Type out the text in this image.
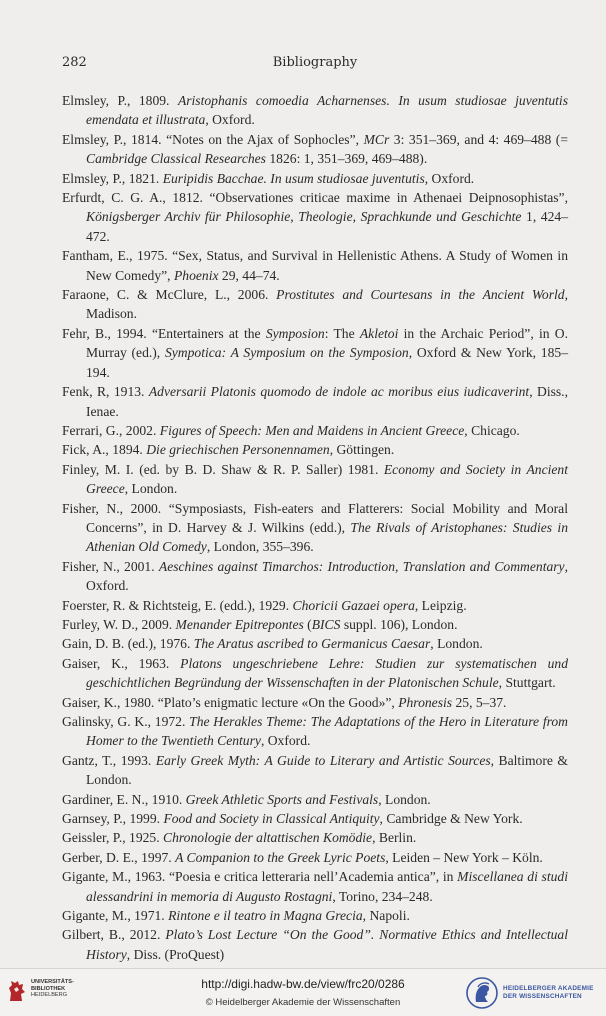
282	Bibliography

Elmsley, P., 1809. Aristophanis comoedia Acharnenses. In usum studiosae juventutis emendata et illustrata, Oxford.

Elmsley, P., 1814. “Notes on the Ajax of Sophocles”, MCr 3: 351–369, and 4: 469–488 (= Cambridge Classical Researches 1826: 1, 351–369, 469–488).

Elmsley, P., 1821. Euripidis Bacchae. In usum studiosae juventutis, Oxford.

Erfurdt, C. G. A., 1812. “Observationes criticae maxime in Athenaei Deipnosophistas”, Königsberger Archiv für Philosophie, Theologie, Sprachkunde und Geschichte 1, 424–472.

Fantham, E., 1975. “Sex, Status, and Survival in Hellenistic Athens. A Study of Women in New Comedy”, Phoenix 29, 44–74.

Faraone, C. & McClure, L., 2006. Prostitutes and Courtesans in the Ancient World, Madison.

Fehr, B., 1994. “Entertainers at the Symposion: The Akletoi in the Archaic Period”, in O. Murray (ed.), Sympotica: A Symposium on the Symposion, Oxford & New York, 185–194.

Fenk, R, 1913. Adversarii Platonis quomodo de indole ac moribus eius iudicaverint, Diss., Ienae.

Ferrari, G., 2002. Figures of Speech: Men and Maidens in Ancient Greece, Chicago.

Fick, A., 1894. Die griechischen Personennamen, Göttingen.

Finley, M. I. (ed. by B. D. Shaw & R. P. Saller) 1981. Economy and Society in Ancient Greece, London.

Fisher, N., 2000. “Symposiasts, Fish-eaters and Flatterers: Social Mobility and Moral Concerns”, in D. Harvey & J. Wilkins (edd.), The Rivals of Aristophanes: Studies in Athenian Old Comedy, London, 355–396.

Fisher, N., 2001. Aeschines against Timarchos: Introduction, Translation and Commentary, Oxford.

Foerster, R. & Richtsteig, E. (edd.), 1929. Choricii Gazaei opera, Leipzig.

Furley, W. D., 2009. Menander Epitrepontes (BICS suppl. 106), London.

Gain, D. B. (ed.), 1976. The Aratus ascribed to Germanicus Caesar, London.

Gaiser, K., 1963. Platons ungeschriebene Lehre: Studien zur systematischen und geschichtlichen Begründung der Wissenschaften in der Platonischen Schule, Stuttgart.

Gaiser, K., 1980. “Plato’s enigmatic lecture «On the Good»”, Phronesis 25, 5–37.

Galinsky, G. K., 1972. The Herakles Theme: The Adaptations of the Hero in Literature from Homer to the Twentieth Century, Oxford.

Gantz, T., 1993. Early Greek Myth: A Guide to Literary and Artistic Sources, Baltimore & London.

Gardiner, E. N., 1910. Greek Athletic Sports and Festivals, London.

Garnsey, P., 1999. Food and Society in Classical Antiquity, Cambridge & New York.

Geissler, P., 1925. Chronologie der altattischen Komödie, Berlin.

Gerber, D. E., 1997. A Companion to the Greek Lyric Poets, Leiden – New York – Köln.

Gigante, M., 1963. “Poesia e critica letteraria nell’Academia antica”, in Miscellanea di studi alessandrini in memoria di Augusto Rostagni, Torino, 234–248.

Gigante, M., 1971. Rintone e il teatro in Magna Grecia, Napoli.

Gilbert, B., 2012. Plato’s Lost Lecture “On the Good”. Normative Ethics and Intellectual History, Diss. (ProQuest)

UNIVERSITÄTS-
BIBLIOTHEK
HEIDELBERG
http://digi.hadw-bw.de/view/frc20/0286
© Heidelberger Akademie der Wissenschaften
HEIDELBERGER AKADEMIE
DER WISSENSCHAFTEN
